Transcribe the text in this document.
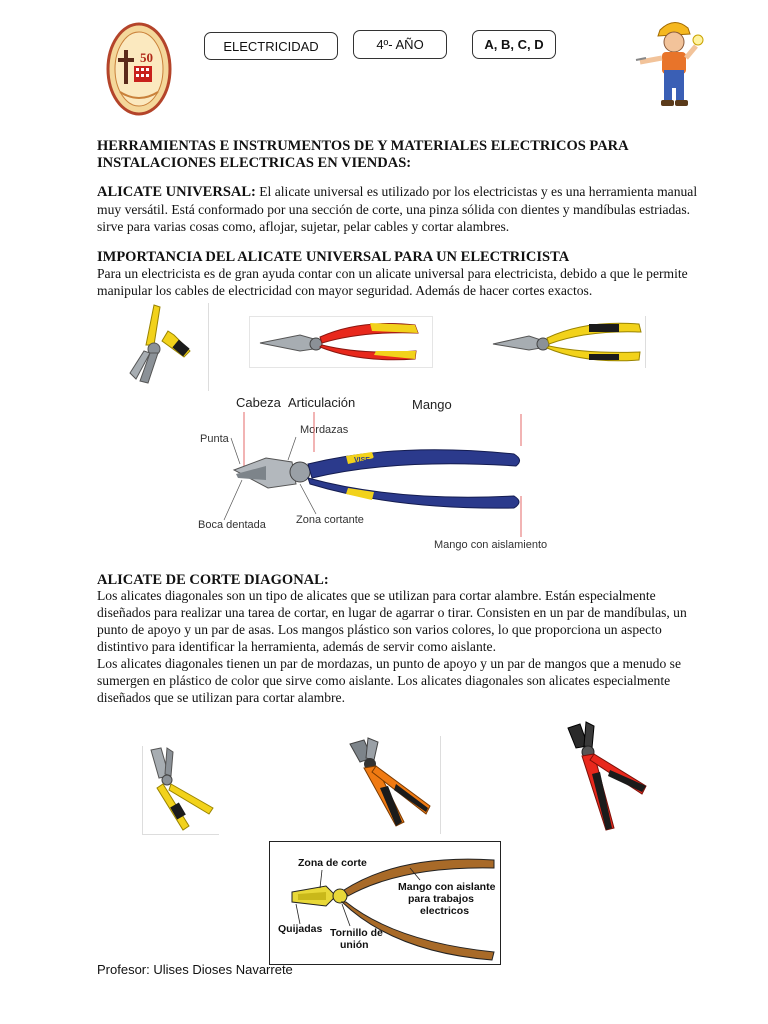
50
ELECTRICIDAD	4º- AÑO	A, B, C, D
HERRAMIENTAS E INSTRUMENTOS DE Y MATERIALES ELECTRICOS PARA INSTALACIONES ELECTRICAS EN VIENDAS:
ALICATE UNIVERSAL: El alicate universal es utilizado por los electricistas y es una herramienta manual muy versátil. Está conformado por una sección de corte, una pinza sólida con dientes y mandíbulas estriadas. sirve para varias cosas como, aflojar, sujetar, pelar cables y cortar alambres.
IMPORTANCIA DEL ALICATE UNIVERSAL PARA UN ELECTRICISTA
Para un electricista es de gran ayuda contar con un alicate universal para electricista, debido a que le permite manipular los cables de electricidad con mayor seguridad. Además de hacer cortes exactos.
Cabeza Articulación	Mango
Punta
Mordazas
Boca dentada	Zona cortante
Mango con aislamiento
VISE-GRIP
ALICATE DE CORTE DIAGONAL:
Los alicates diagonales son un tipo de alicates que se utilizan para cortar alambre. Están especialmente diseñados para realizar una tarea de cortar, en lugar de agarrar o tirar. Consisten en un par de mandíbulas, un punto de apoyo y un par de asas. Los mangos plástico son varios colores, lo que proporciona un aspecto distintivo para identificar la herramienta, además de servir como aislante.
Los alicates diagonales tienen un par de mordazas, un punto de apoyo y un par de mangos que a menudo se sumergen en plástico de color que sirve como aislante. Los alicates diagonales son alicates especialmente diseñados que se utilizan para cortar alambre.
Zona de corte
Mango con aislante
para trabajos
electricos
Quijadas Tornillo de
unión
Profesor: Ulises Dioses Navarrete
